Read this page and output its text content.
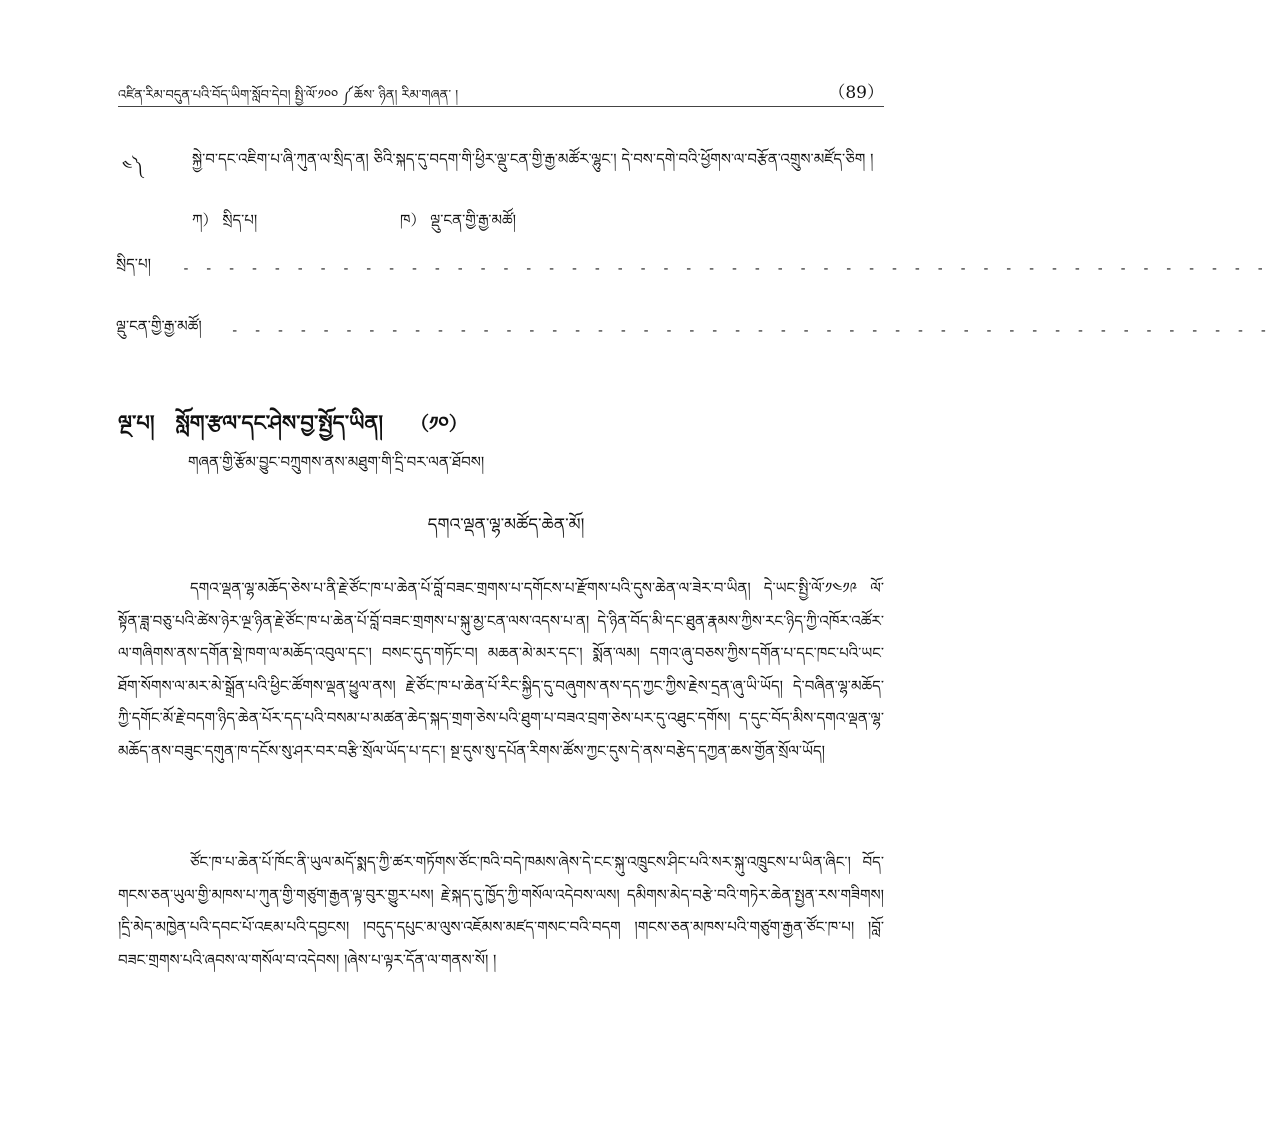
འཛིན་རིམ་བདུན་པའི་བོད་ཡིག་སློབ་དེབ། སྤྱི་ལོ་༡༠༠ ༼ཆོས་ ཉིན། རིམ་གཞན་ །	（89）
༤༽	སྐྱེ་བ་དང་འཇིག་པ་ཞི་ཀུན་ལ་སྲིད་ན། ཅིའི་སྐད་དུ་བདག་གི་ཕྱིར་ལྡུ་ངན་གྱི་རྒྱ་མཚོར་ལྷུང་། དེ་བས་དགེ་བའི་ཕྱོགས་ལ་བརྩོན་འགྲུས་མཛོད་ཅིག །
ཀ） སྲིད་པ།	ཁ） ལྡུ་ངན་གྱི་རྒྱ་མཚོ།
སྲིད་པ། - - - - - - - - - - - - - - - - - - - - - - - - - - - - - - - - - - - - - - - - - - - - - - - -
ལྡུ་ངན་གྱི་རྒྱ་མཚོ། - - - - - - - - - - - - - - - - - - - - - - - - - - - - - - - - - - - - - - - - - - - - - -
ལྔ་པ། སློག་རྩལ་དང་ཤེས་བྱ་སྤྱོད་ཡིན། （༡༠）
གཞན་གྱི་རྩོམ་བྱུང་བཀྲུགས་ནས་མཐུག་གི་དྲི་བར་ལན་ཐོབས།
དགའ་ལྡན་ལྷ་མཚོད་ཆེན་མོ།

དགའ་ལྡན་ལྷ་མཆོད་ཅེས་པ་ནི་རྗེ་ཙོང་ཁ་པ་ཆེན་པོ་བློ་བཟང་གྲགས་པ་དགོངས་པ་རྫོགས་པའི་དུས་ཆེན་ལ་ཟེར་བ་ཡིན། དེ་ཡང་སྤྱི་ལོ་༡༤༡༩ ལོ་སྟོན་ཟླ་བཅུ་པའི་ཚེས་ཉེར་ལྔ་ཉིན་རྗེ་ཙོང་ཁ་པ་ཆེན་པོ་བློ་བཟང་གྲགས་པ་སྐུ་མྱ་ངན་ལས་འདས་པ་ན། དེ་ཉིན་བོད་མི་དང་ཐུན་རྣམས་ཀྱིས་རང་ཉིད་ཀྱི་འཁོར་འཚོར་ལ་གཞིགས་ནས་དགོན་སྡེ་ཁག་ལ་མཆོད་འབུལ་དང་། བསང་དུད་གཏོང་བ། མཆན་མེ་མར་དང་། སྨོན་ལམ། དགའ་ཞུ་བཅས་ཀྱིས་དགོན་པ་དང་ཁང་པའི་ཡང་ཐོག་སོགས་ལ་མར་མེ་སྒྲོན་པའི་ཕྱིང་ཚོགས་ལྡན་ཕྱུལ་ནས། རྗེ་ཙོང་ཁ་པ་ཆེན་པོ་རིང་སྐྱིད་དུ་བཞུགས་ནས་དད་ཀྱང་ཀྱིས་རྗེས་དྲན་ཞུ་ཡི་ཡོད། དེ་བཞིན་ལྷ་མཆོད་ཀྱི་དགོང་མོ་རྗེ་བདག་ཉིད་ཆེན་པོར་དད་པའི་བསམ་པ་མཚན་ཆེད་སྐད་གྲག་ཅེས་པའི་ཐུག་པ་བཟའ་བྲག་ཅེས་པར་དུ་འཐུང་དགོས། ད་དུང་བོད་མིས་དགའ་ལྡན་ལྷ་མཆོད་ནས་བཟུང་དགུན་ཁ་དངོས་སུ་ཤར་བར་བརྩི་སྲོལ་ཡོད་པ་དང་། སྔ་དུས་སུ་དཔོན་རིགས་ཚོས་ཀྱང་དུས་དེ་ནས་བརྩེད་དཀྱན་ཆས་གྱོན་སྲོལ་ཡོད།

ཙོང་ཁ་པ་ཆེན་པོ་ཁོང་ནི་ཡུལ་མདོ་སྨད་ཀྱི་ཚར་གཏོགས་ཙོང་ཁའི་བདེ་ཁམས་ཞེས་དེ་ངང་སྐུ་འཁྲུངས་ཤིང་པའི་སར་སྐུ་འཁྲུངས་པ་ཡིན་ཞིང་། བོད་གངས་ཅན་ཡུལ་གྱི་མཁས་པ་ཀུན་གྱི་གཙུག་རྒྱན་ལྟ་བུར་གྱུར་པས། རྗེ་སྐད་དུ་ཁྱོད་ཀྱི་གསོལ་འདེབས་ལས། དམིགས་མེད་བརྩེ་བའི་གཏེར་ཆེན་སྤྱན་རས་གཟིགས། །དྲི་མེད་མཁྱེན་པའི་དབང་པོ་འཇམ་པའི་དབྱངས། །བདུད་དཔུང་མ་ལུས་འཇོམས་མཛད་གསང་བའི་བདག །གངས་ཅན་མཁས་པའི་གཙུག་རྒྱན་ཙོང་ཁ་པ། །བློ་བཟང་གྲགས་པའི་ཞབས་ལ་གསོལ་བ་འདེབས། །ཞེས་པ་ལྟར་དོན་ལ་གནས་སོ། །
